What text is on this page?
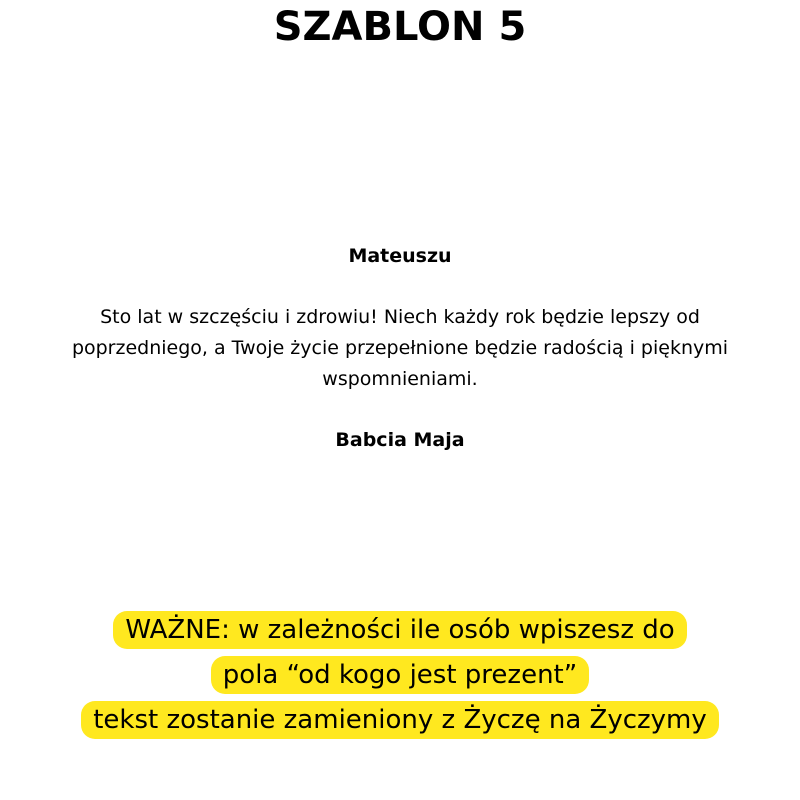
SZABLON 5

Mateuszu

Sto lat w szczęściu i zdrowiu! Niech każdy rok będzie lepszy od poprzedniego, a Twoje życie przepełnione będzie radością i pięknymi wspomnieniami.

Babcia Maja

WAŻNE: w zależności ile osób wpiszesz do
pola “od kogo jest prezent”
tekst zostanie zamieniony z Życzę na Życzymy
